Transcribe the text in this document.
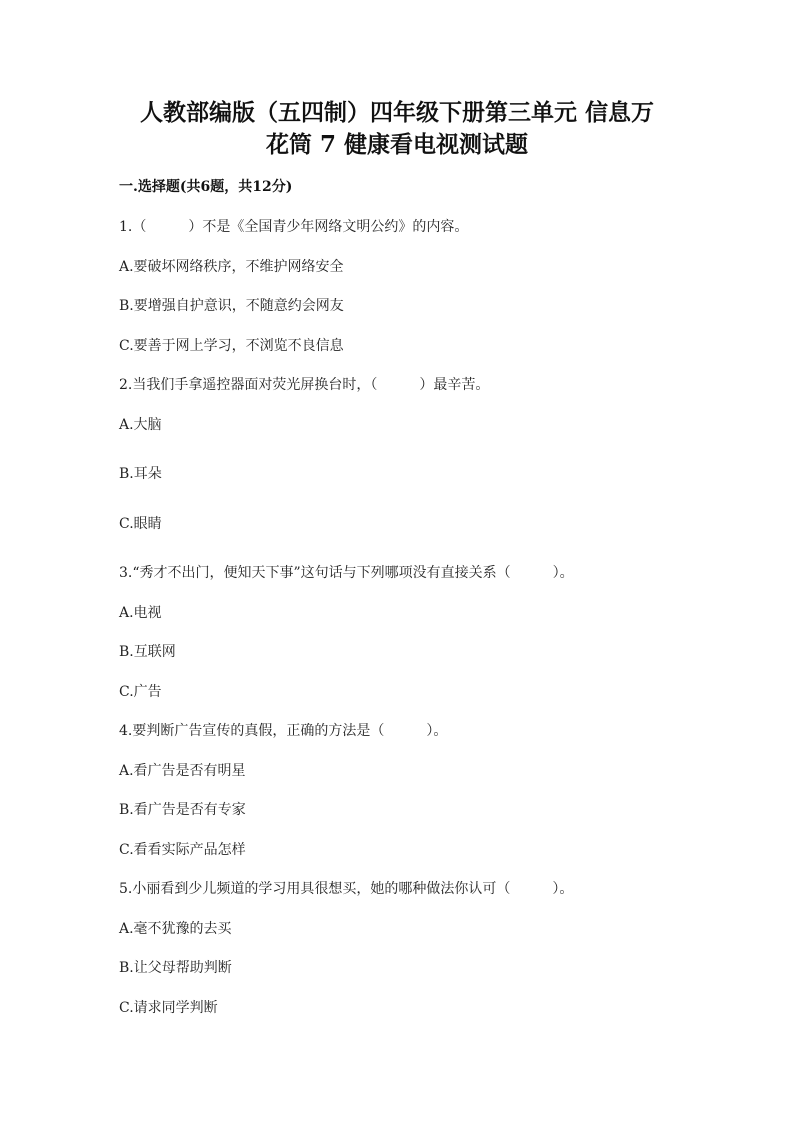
人教部编版（五四制）四年级下册第三单元 信息万
花筒 7 健康看电视测试题
一.选择题(共6题，共12分)
1.（　　　）不是《全国青少年网络文明公约》的内容。
A.要破坏网络秩序，不维护网络安全
B.要增强自护意识，不随意约会网友
C.要善于网上学习，不浏览不良信息
2.当我们手拿遥控器面对荧光屏换台时，（　　　）最辛苦。
A.大脑
B.耳朵
C.眼睛
3.“秀才不出门，便知天下事”这句话与下列哪项没有直接关系（　　　）。
A.电视
B.互联网
C.广告
4.要判断广告宣传的真假，正确的方法是（　　　）。
A.看广告是否有明星
B.看广告是否有专家
C.看看实际产品怎样
5.小丽看到少儿频道的学习用具很想买，她的哪种做法你认可（　　　）。
A.毫不犹豫的去买
B.让父母帮助判断
C.请求同学判断
